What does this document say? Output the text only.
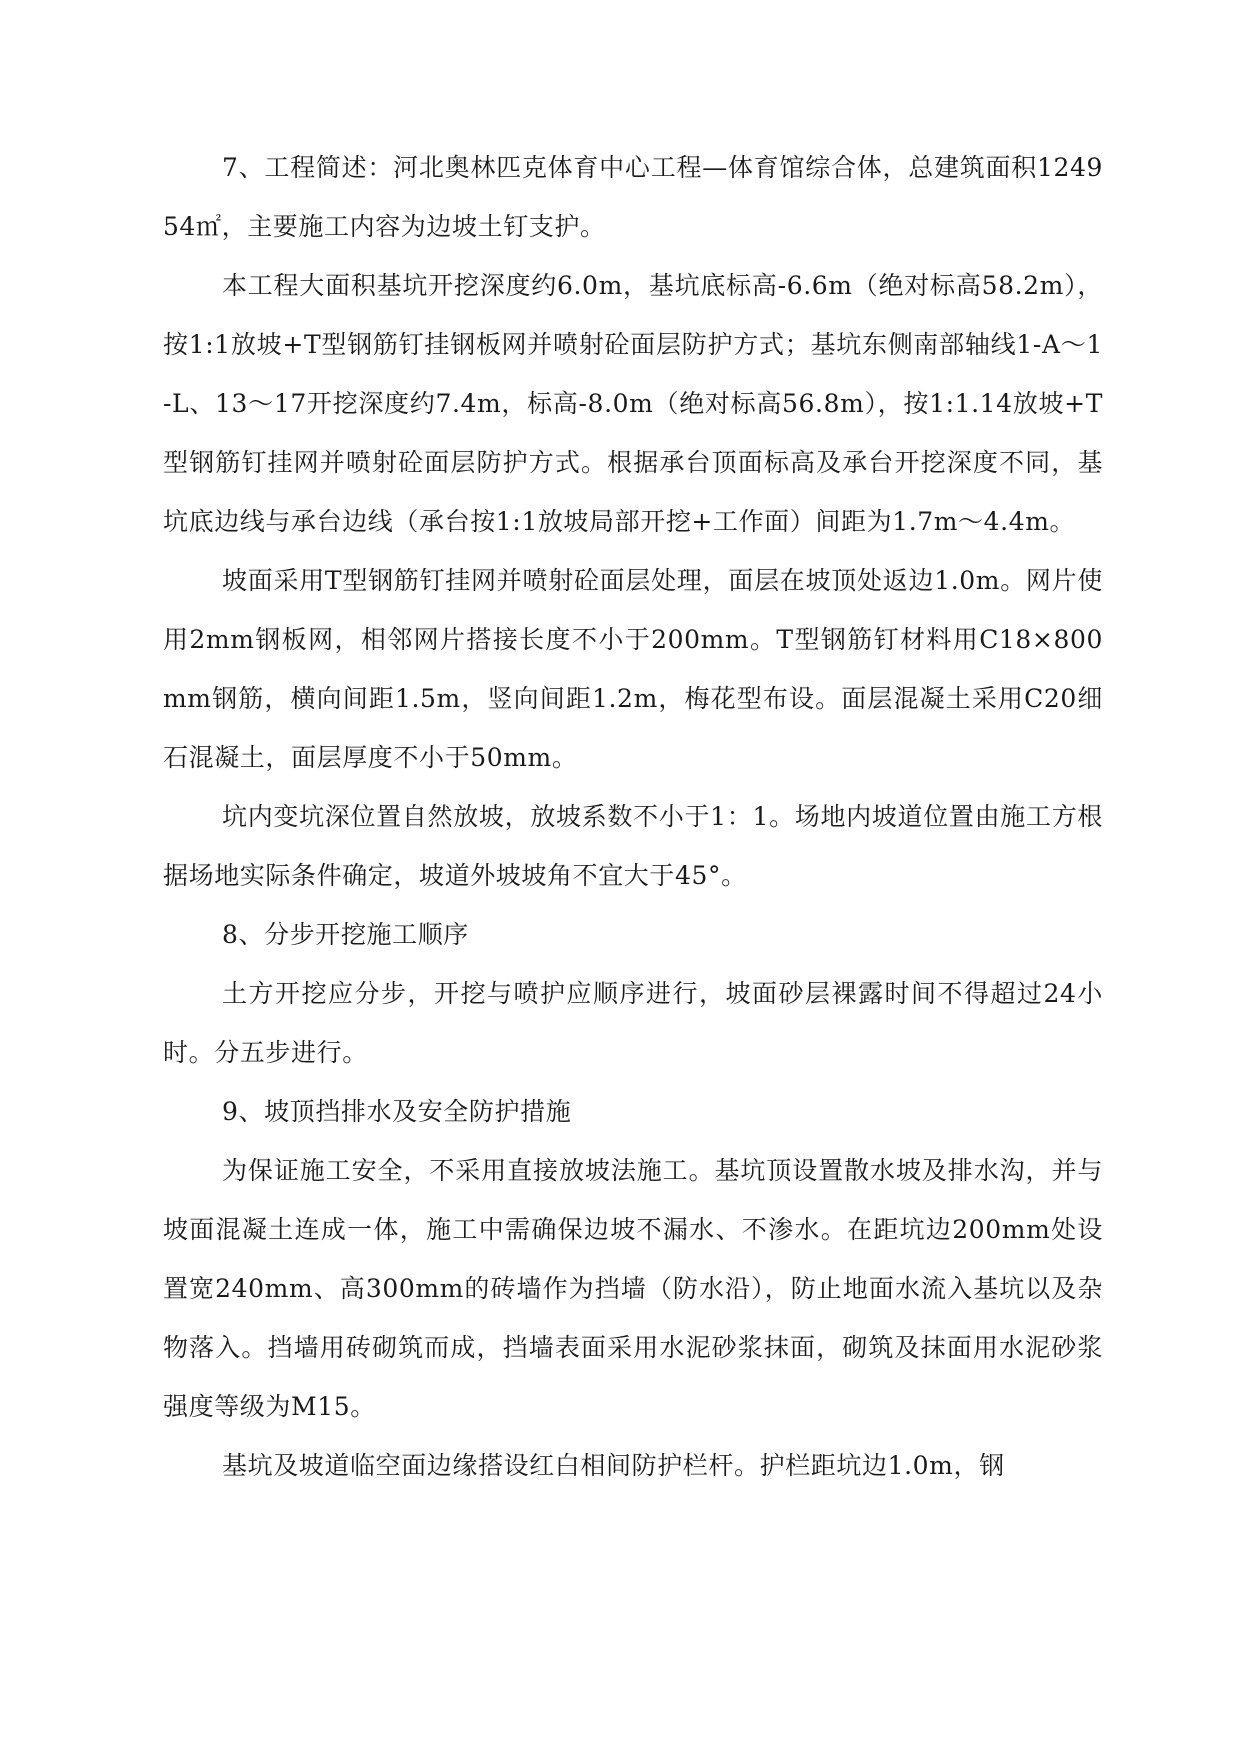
7、工程简述：河北奥林匹克体育中心工程—体育馆综合体，总建筑面积124954㎡，主要施工内容为边坡土钉支护。

本工程大面积基坑开挖深度约6.0m，基坑底标高-6.6m（绝对标高58.2m），按1:1放坡+T型钢筋钉挂钢板网并喷射砼面层防护方式；基坑东侧南部轴线1-A～1-L、13～17开挖深度约7.4m，标高-8.0m（绝对标高56.8m），按1:1.14放坡+T型钢筋钉挂网并喷射砼面层防护方式。根据承台顶面标高及承台开挖深度不同，基坑底边线与承台边线（承台按1:1放坡局部开挖+工作面）间距为1.7m～4.4m。

坡面采用T型钢筋钉挂网并喷射砼面层处理，面层在坡顶处返边1.0m。网片使用2mm钢板网，相邻网片搭接长度不小于200mm。T型钢筋钉材料用C18×800mm钢筋，横向间距1.5m，竖向间距1.2m，梅花型布设。面层混凝土采用C20细石混凝土，面层厚度不小于50mm。

坑内变坑深位置自然放坡，放坡系数不小于1：1。场地内坡道位置由施工方根据场地实际条件确定，坡道外坡坡角不宜大于45°。

8、分步开挖施工顺序

土方开挖应分步，开挖与喷护应顺序进行，坡面砂层裸露时间不得超过24小时。分五步进行。

9、坡顶挡排水及安全防护措施

为保证施工安全，不采用直接放坡法施工。基坑顶设置散水坡及排水沟，并与坡面混凝土连成一体，施工中需确保边坡不漏水、不渗水。在距坑边200mm处设置宽240mm、高300mm的砖墙作为挡墙（防水沿），防止地面水流入基坑以及杂物落入。挡墙用砖砌筑而成，挡墙表面采用水泥砂浆抹面，砌筑及抹面用水泥砂浆强度等级为M15。

基坑及坡道临空面边缘搭设红白相间防护栏杆。护栏距坑边1.0m，钢
